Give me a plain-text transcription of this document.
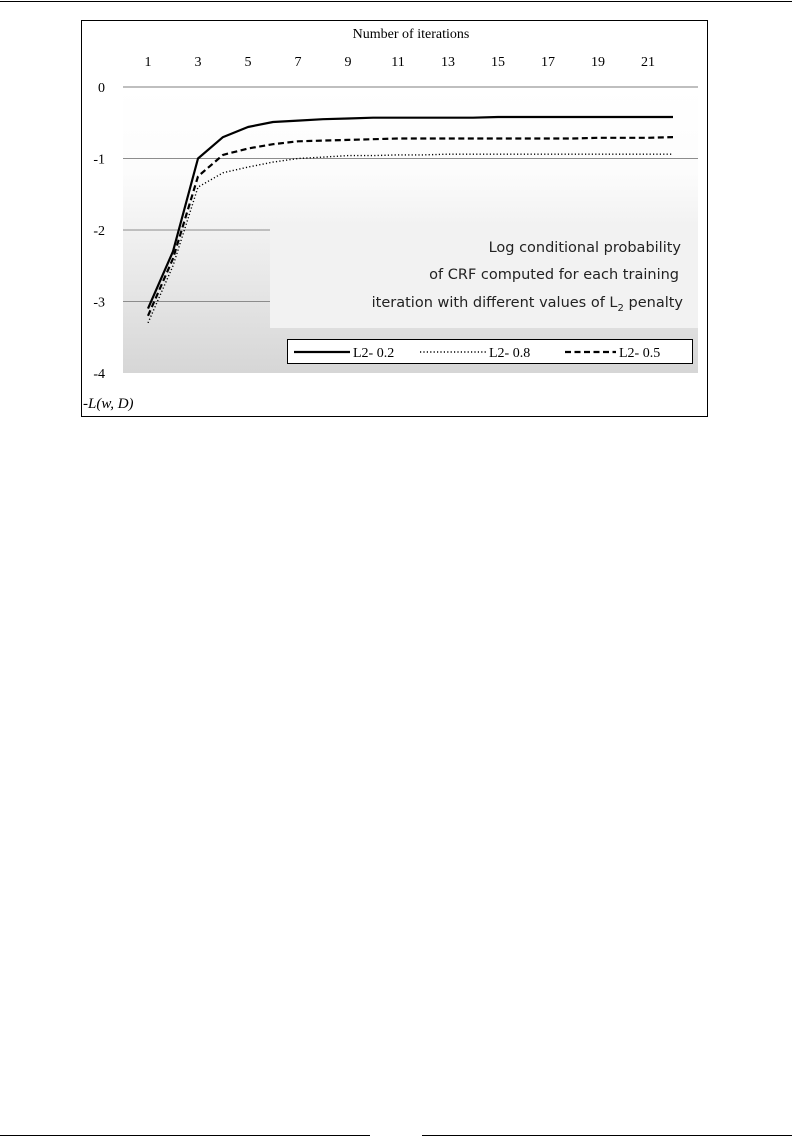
Log conditional probability
of CRF computed for each training
iteration with different values of $L_2$ penalty
Number of iterations
1	3	5	7	9	11	13	15	17	19	21
0
-1
-2
-3
-4
-L(w, D)
L2- 0.2	L2- 0.8	L2- 0.5
